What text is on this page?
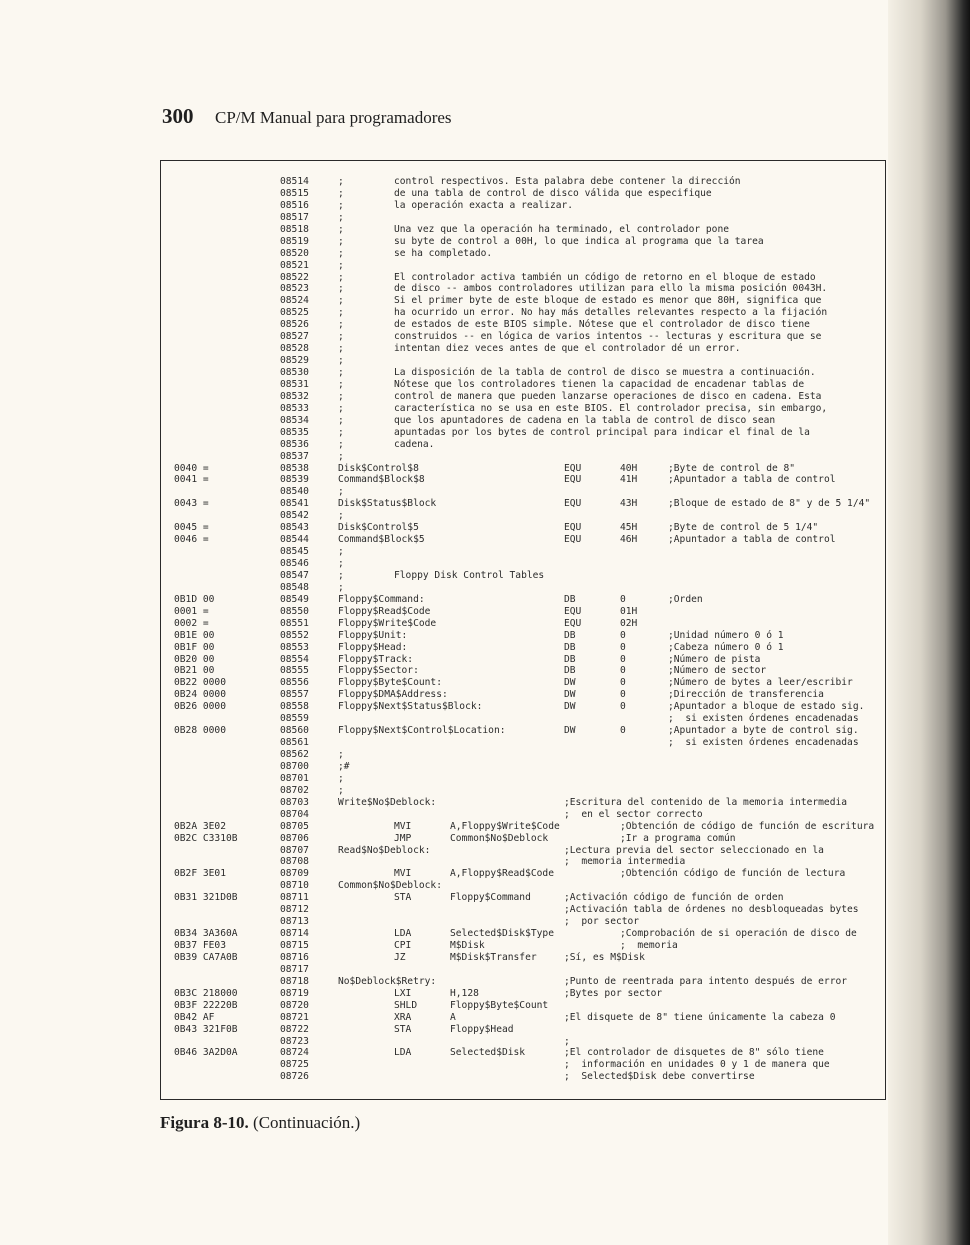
300 CP/M Manual para programadores
08514	;	control respectivos. Esta palabra debe contener la dirección
08515	;	de una tabla de control de disco válida que especifique
08516	;	la operación exacta a realizar.
08517	;
08518	;	Una vez que la operación ha terminado, el controlador pone
08519	;	su byte de control a 00H, lo que indica al programa que la tarea
08520	;	se ha completado.
08521	;
08522	;	El controlador activa también un código de retorno en el bloque de estado
08523	;	de disco -- ambos controladores utilizan para ello la misma posición 0043H.
08524	;	Si el primer byte de este bloque de estado es menor que 80H, significa que
08525	;	ha ocurrido un error. No hay más detalles relevantes respecto a la fijación
08526	;	de estados de este BIOS simple. Nótese que el controlador de disco tiene
08527	;	construidos -- en lógica de varios intentos -- lecturas y escritura que se
08528	;	intentan diez veces antes de que el controlador dé un error.
08529	;
08530	;	La disposición de la tabla de control de disco se muestra a continuación.
08531	;	Nótese que los controladores tienen la capacidad de encadenar tablas de
08532	;	control de manera que pueden lanzarse operaciones de disco en cadena. Esta
08533	;	característica no se usa en este BIOS. El controlador precisa, sin embargo,
08534	;	que los apuntadores de cadena en la tabla de control de disco sean
08535	;	apuntadas por los bytes de control principal para indicar el final de la
08536	;	cadena.
08537	;
0040 =	08538	Disk$Control$8	EQU	40H	;Byte de control de 8"
0041 =	08539	Command$Block$8	EQU	41H	;Apuntador a tabla de control
08540	;
0043 =	08541	Disk$Status$Block	EQU	43H	;Bloque de estado de 8" y de 5 1/4"
08542	;
0045 =	08543	Disk$Control$5	EQU	45H	;Byte de control de 5 1/4"
0046 =	08544	Command$Block$5	EQU	46H	;Apuntador a tabla de control
08545	;
08546	;
08547	;	Floppy Disk Control Tables
08548	;
0B1D 00	08549	Floppy$Command:	DB	0	;Orden
0001 =	08550	Floppy$Read$Code	EQU	01H
0002 =	08551	Floppy$Write$Code	EQU	02H
0B1E 00	08552	Floppy$Unit:	DB	0	;Unidad número 0 ó 1
0B1F 00	08553	Floppy$Head:	DB	0	;Cabeza número 0 ó 1
0B20 00	08554	Floppy$Track:	DB	0	;Número de pista
0B21 00	08555	Floppy$Sector:	DB	0	;Número de sector
0B22 0000	08556	Floppy$Byte$Count:	DW	0	;Número de bytes a leer/escribir
0B24 0000	08557	Floppy$DMA$Address:	DW	0	;Dirección de transferencia
0B26 0000	08558	Floppy$Next$Status$Block:	DW	0	;Apuntador a bloque de estado sig.
08559	;  si existen órdenes encadenadas
0B28 0000	08560	Floppy$Next$Control$Location:	DW	0	;Apuntador a byte de control sig.
08561	;  si existen órdenes encadenadas
08562	;
08700	;#
08701	;
08702	;
08703	Write$No$Deblock:	;Escritura del contenido de la memoria intermedia
08704	;  en el sector correcto
0B2A 3E02	08705	MVI	A,Floppy$Write$Code	;Obtención de código de función de escritura
0B2C C3310B	08706	JMP	Common$No$Deblock	;Ir a programa común
08707	Read$No$Deblock:	;Lectura previa del sector seleccionado en la
08708	;  memoria intermedia
0B2F 3E01	08709	MVI	A,Floppy$Read$Code	;Obtención código de función de lectura
08710	Common$No$Deblock:
0B31 321D0B	08711	STA	Floppy$Command	;Activación código de función de orden
08712	;Activación tabla de órdenes no desbloqueadas bytes
08713	;  por sector
0B34 3A360A	08714	LDA	Selected$Disk$Type	;Comprobación de si operación de disco de
0B37 FE03	08715	CPI	M$Disk	;  memoria
0B39 CA7A0B	08716	JZ	M$Disk$Transfer	;Sí, es M$Disk
08717
08718	No$Deblock$Retry:	;Punto de reentrada para intento después de error
0B3C 218000	08719	LXI	H,128	;Bytes por sector
0B3F 22220B	08720	SHLD	Floppy$Byte$Count
0B42 AF	08721	XRA	A	;El disquete de 8" tiene únicamente la cabeza 0
0B43 321F0B	08722	STA	Floppy$Head
08723	;
0B46 3A2D0A	08724	LDA	Selected$Disk	;El controlador de disquetes de 8" sólo tiene
08725	;  información en unidades 0 y 1 de manera que
08726	;  Selected$Disk debe convertirse
Figura 8-10. (Continuación.)
